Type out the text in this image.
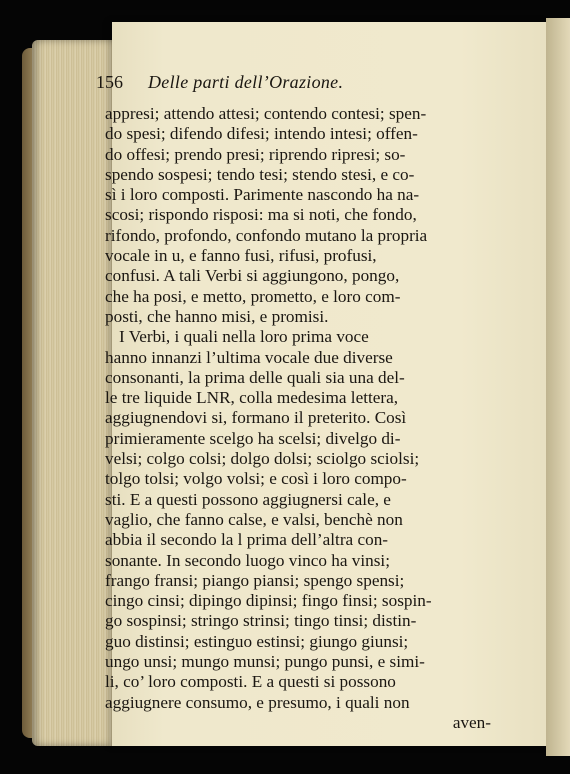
156 Delle parti dell’Orazione.
appresi; attendo attesi; contendo contesi; spen-
do spesi; difendo difesi; intendo intesi; offen-
do offesi; prendo presi; riprendo ripresi; so-
spendo sospesi; tendo tesi; stendo stesi, e co-
sì i loro composti. Parimente nascondo ha na-
scosi; rispondo risposi: ma si noti, che fondo,
rifondo, profondo, confondo mutano la propria
vocale in u, e fanno fusi, rifusi, profusi,
confusi. A tali Verbi si aggiungono, pongo,
che ha posi, e metto, prometto, e loro com-
posti, che hanno misi, e promisi.
I Verbi, i quali nella loro prima voce
hanno innanzi l’ultima vocale due diverse
consonanti, la prima delle quali sia una del-
le tre liquide LNR, colla medesima lettera,
aggiugnendovi si, formano il preterito. Così
primieramente scelgo ha scelsi; divelgo di-
velsi; colgo colsi; dolgo dolsi; sciolgo sciolsi;
tolgo tolsi; volgo volsi; e così i loro compo-
sti. E a questi possono aggiugnersi cale, e
vaglio, che fanno calse, e valsi, benchè non
abbia il secondo la l prima dell’altra con-
sonante. In secondo luogo vinco ha vinsi;
frango fransi; piango piansi; spengo spensi;
cingo cinsi; dipingo dipinsi; fingo finsi; sospin-
go sospinsi; stringo strinsi; tingo tinsi; distin-
guo distinsi; estinguo estinsi; giungo giunsi;
ungo unsi; mungo munsi; pungo punsi, e simi-
li, co’ loro composti. E a questi si possono
aggiugnere consumo, e presumo, i quali non
aven-
